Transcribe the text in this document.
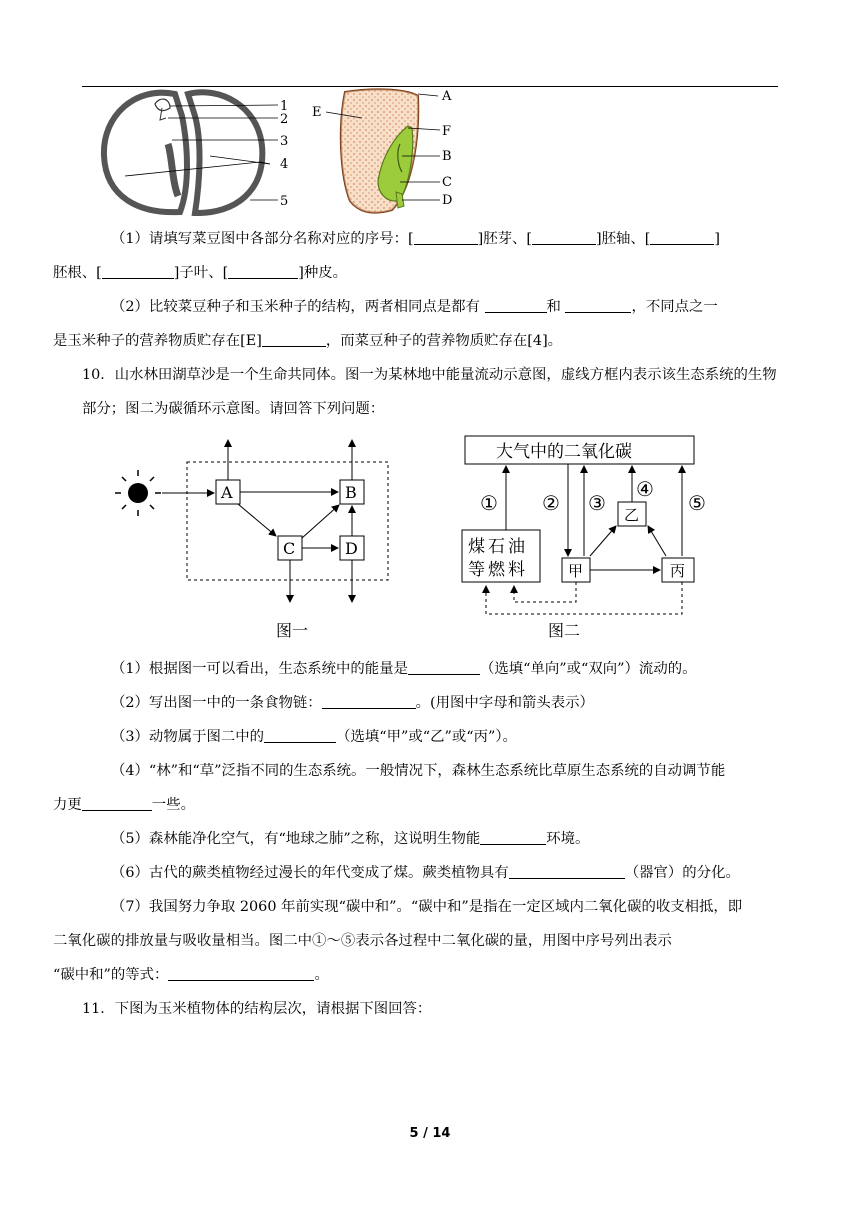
1
2
3
4
5
A
E
F
B
C
D
（1）请填写菜豆图中各部分名称对应的序号：[	]胚芽、[	]胚轴、[	]
胚根、[	]子叶、[	]种皮。
（2）比较菜豆种子和玉米种子的结构，两者相同点是都有	和	，不同点之一
是玉米种子的营养物质贮存在[E]	，而菜豆种子的营养物质贮存在[4]。
10．山水林田湖草沙是一个生命共同体。图一为某林地中能量流动示意图，虚线方框内表示该生态系统的生物部分；图二为碳循环示意图。请回答下列问题：
A	B
C	D
图一
大气中的二氧化碳
煤石油
等燃料	甲
乙
丙
① ② ③
④
⑤
图二
（1）根据图一可以看出，生态系统中的能量是	（选填“单向”或“双向”）流动的。
（2）写出图一中的一条食物链：	。(用图中字母和箭头表示）
（3）动物属于图二中的	（选填“甲”或“乙”或“丙”）。
（4）“林”和“草”泛指不同的生态系统。一般情况下，森林生态系统比草原生态系统的自动调节能
力更	一些。
（5）森林能净化空气，有“地球之肺”之称，这说明生物能	环境。
（6）古代的蕨类植物经过漫长的年代变成了煤。蕨类植物具有	（器官）的分化。
（7）我国努力争取 2060 年前实现“碳中和”。“碳中和”是指在一定区域内二氧化碳的收支相抵，即
二氧化碳的排放量与吸收量相当。图二中①～⑤表示各过程中二氧化碳的量，用图中序号列出表示
“碳中和”的等式：	。
11．下图为玉米植物体的结构层次，请根据下图回答：
5 / 14
